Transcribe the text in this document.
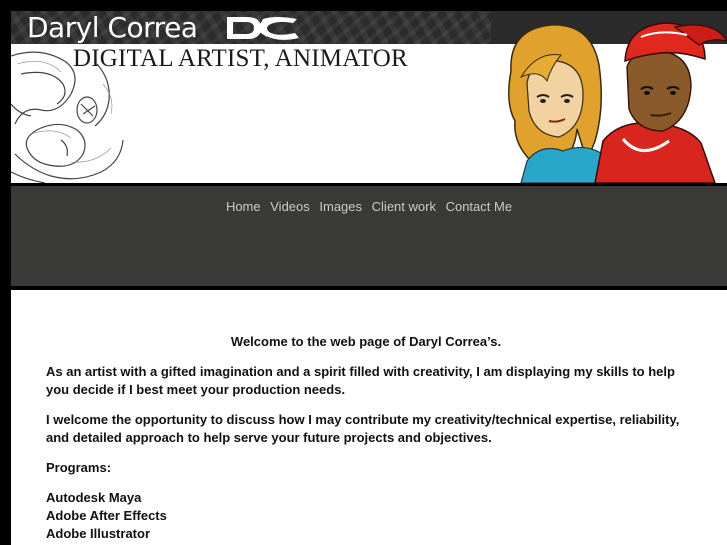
Daryl Correa
DIGITAL ARTIST, ANIMATOR
Home Videos Images Client work Contact Me

Welcome to the web page of Daryl Correa’s.

As an artist with a gifted imagination and a spirit filled with creativity, I am displaying my skills to help you decide if I best meet your production needs.

I welcome the opportunity to discuss how I may contribute my creativity/technical expertise, reliability, and detailed approach to help serve your future projects and objectives.

Programs:

Autodesk Maya
Adobe After Effects
Adobe Illustrator
